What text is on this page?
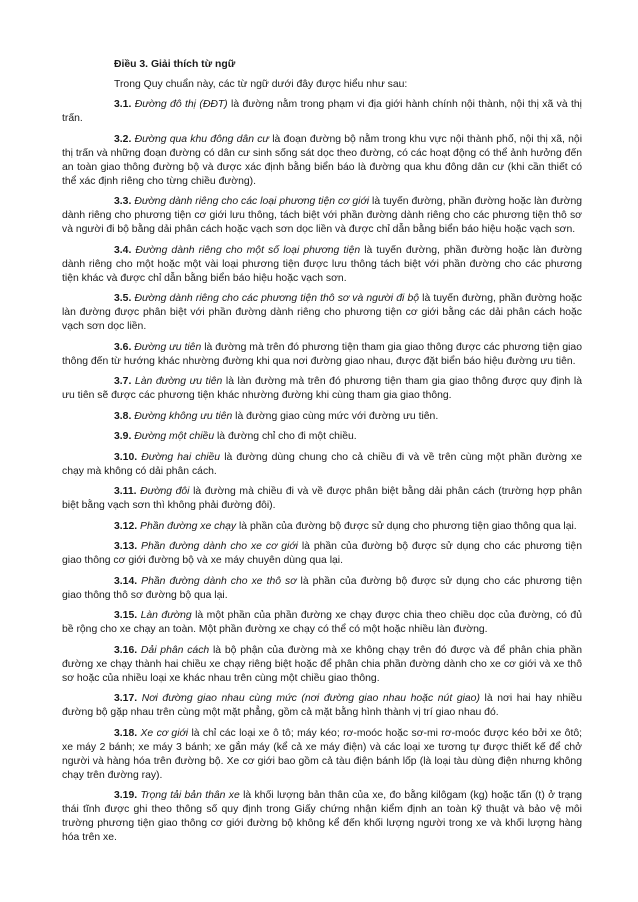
Điều 3. Giải thích từ ngữ

Trong Quy chuẩn này, các từ ngữ dưới đây được hiểu như sau:

3.1. Đường đô thị (ĐĐT) là đường nằm trong phạm vi địa giới hành chính nội thành, nội thị xã và thị trấn.

3.2. Đường qua khu đông dân cư là đoạn đường bộ nằm trong khu vực nội thành phố, nội thị xã, nội thị trấn và những đoạn đường có dân cư sinh sống sát dọc theo đường, có các hoạt động có thể ảnh hưởng đến an toàn giao thông đường bộ và được xác định bằng biển báo là đường qua khu đông dân cư (khi cần thiết có thể xác định riêng cho từng chiều đường).

3.3. Đường dành riêng cho các loại phương tiện cơ giới là tuyến đường, phần đường hoặc làn đường dành riêng cho phương tiện cơ giới lưu thông, tách biệt với phần đường dành riêng cho các phương tiện thô sơ và người đi bộ bằng dải phân cách hoặc vạch sơn dọc liền và được chỉ dẫn bằng biển báo hiệu hoặc vạch sơn.

3.4. Đường dành riêng cho một số loại phương tiện là tuyến đường, phần đường hoặc làn đường dành riêng cho một hoặc một vài loại phương tiện được lưu thông tách biệt với phần đường cho các phương tiện khác và được chỉ dẫn bằng biển báo hiệu hoặc vạch sơn.

3.5. Đường dành riêng cho các phương tiện thô sơ và người đi bộ là tuyến đường, phần đường hoặc làn đường được phân biệt với phần đường dành riêng cho phương tiện cơ giới bằng các dải phân cách hoặc vạch sơn dọc liền.

3.6. Đường ưu tiên là đường mà trên đó phương tiện tham gia giao thông được các phương tiện giao thông đến từ hướng khác nhường đường khi qua nơi đường giao nhau, được đặt biển báo hiệu đường ưu tiên.

3.7. Làn đường ưu tiên là làn đường mà trên đó phương tiện tham gia giao thông được quy định là ưu tiên sẽ được các phương tiện khác nhường đường khi cùng tham gia giao thông.

3.8. Đường không ưu tiên là đường giao cùng mức với đường ưu tiên.

3.9. Đường một chiều là đường chỉ cho đi một chiều.

3.10. Đường hai chiều là đường dùng chung cho cả chiều đi và về trên cùng một phần đường xe chạy mà không có dải phân cách.

3.11. Đường đôi là đường mà chiều đi và về được phân biệt bằng dải phân cách (trường hợp phân biệt bằng vạch sơn thì không phải đường đôi).

3.12. Phần đường xe chạy là phần của đường bộ được sử dụng cho phương tiện giao thông qua lại.

3.13. Phần đường dành cho xe cơ giới là phần của đường bộ được sử dụng cho các phương tiện giao thông cơ giới đường bộ và xe máy chuyên dùng qua lại.

3.14. Phần đường dành cho xe thô sơ là phần của đường bộ được sử dụng cho các phương tiện giao thông thô sơ đường bộ qua lại.

3.15. Làn đường là một phần của phần đường xe chạy được chia theo chiều dọc của đường, có đủ bề rộng cho xe chạy an toàn. Một phần đường xe chạy có thể có một hoặc nhiều làn đường.

3.16. Dải phân cách là bộ phận của đường mà xe không chạy trên đó được và để phân chia phần đường xe chạy thành hai chiều xe chạy riêng biệt hoặc để phân chia phần đường dành cho xe cơ giới và xe thô sơ hoặc của nhiều loại xe khác nhau trên cùng một chiều giao thông.

3.17. Nơi đường giao nhau cùng mức (nơi đường giao nhau hoặc nút giao) là nơi hai hay nhiều đường bộ gặp nhau trên cùng một mặt phẳng, gồm cả mặt bằng hình thành vị trí giao nhau đó.

3.18. Xe cơ giới là chỉ các loại xe ô tô; máy kéo; rơ-moóc hoặc sơ-mi rơ-moóc được kéo bởi xe ôtô; xe máy 2 bánh; xe máy 3 bánh; xe gắn máy (kể cả xe máy điện) và các loại xe tương tự được thiết kế để chở người và hàng hóa trên đường bộ. Xe cơ giới bao gồm cả tàu điện bánh lốp (là loại tàu dùng điện nhưng không chạy trên đường ray).

3.19. Trọng tải bản thân xe là khối lượng bản thân của xe, đo bằng kilôgam (kg) hoặc tấn (t) ở trạng thái tĩnh được ghi theo thông số quy định trong Giấy chứng nhận kiểm định an toàn kỹ thuật và bảo vệ môi trường phương tiện giao thông cơ giới đường bộ không kể đến khối lượng người trong xe và khối lượng hàng hóa trên xe.
